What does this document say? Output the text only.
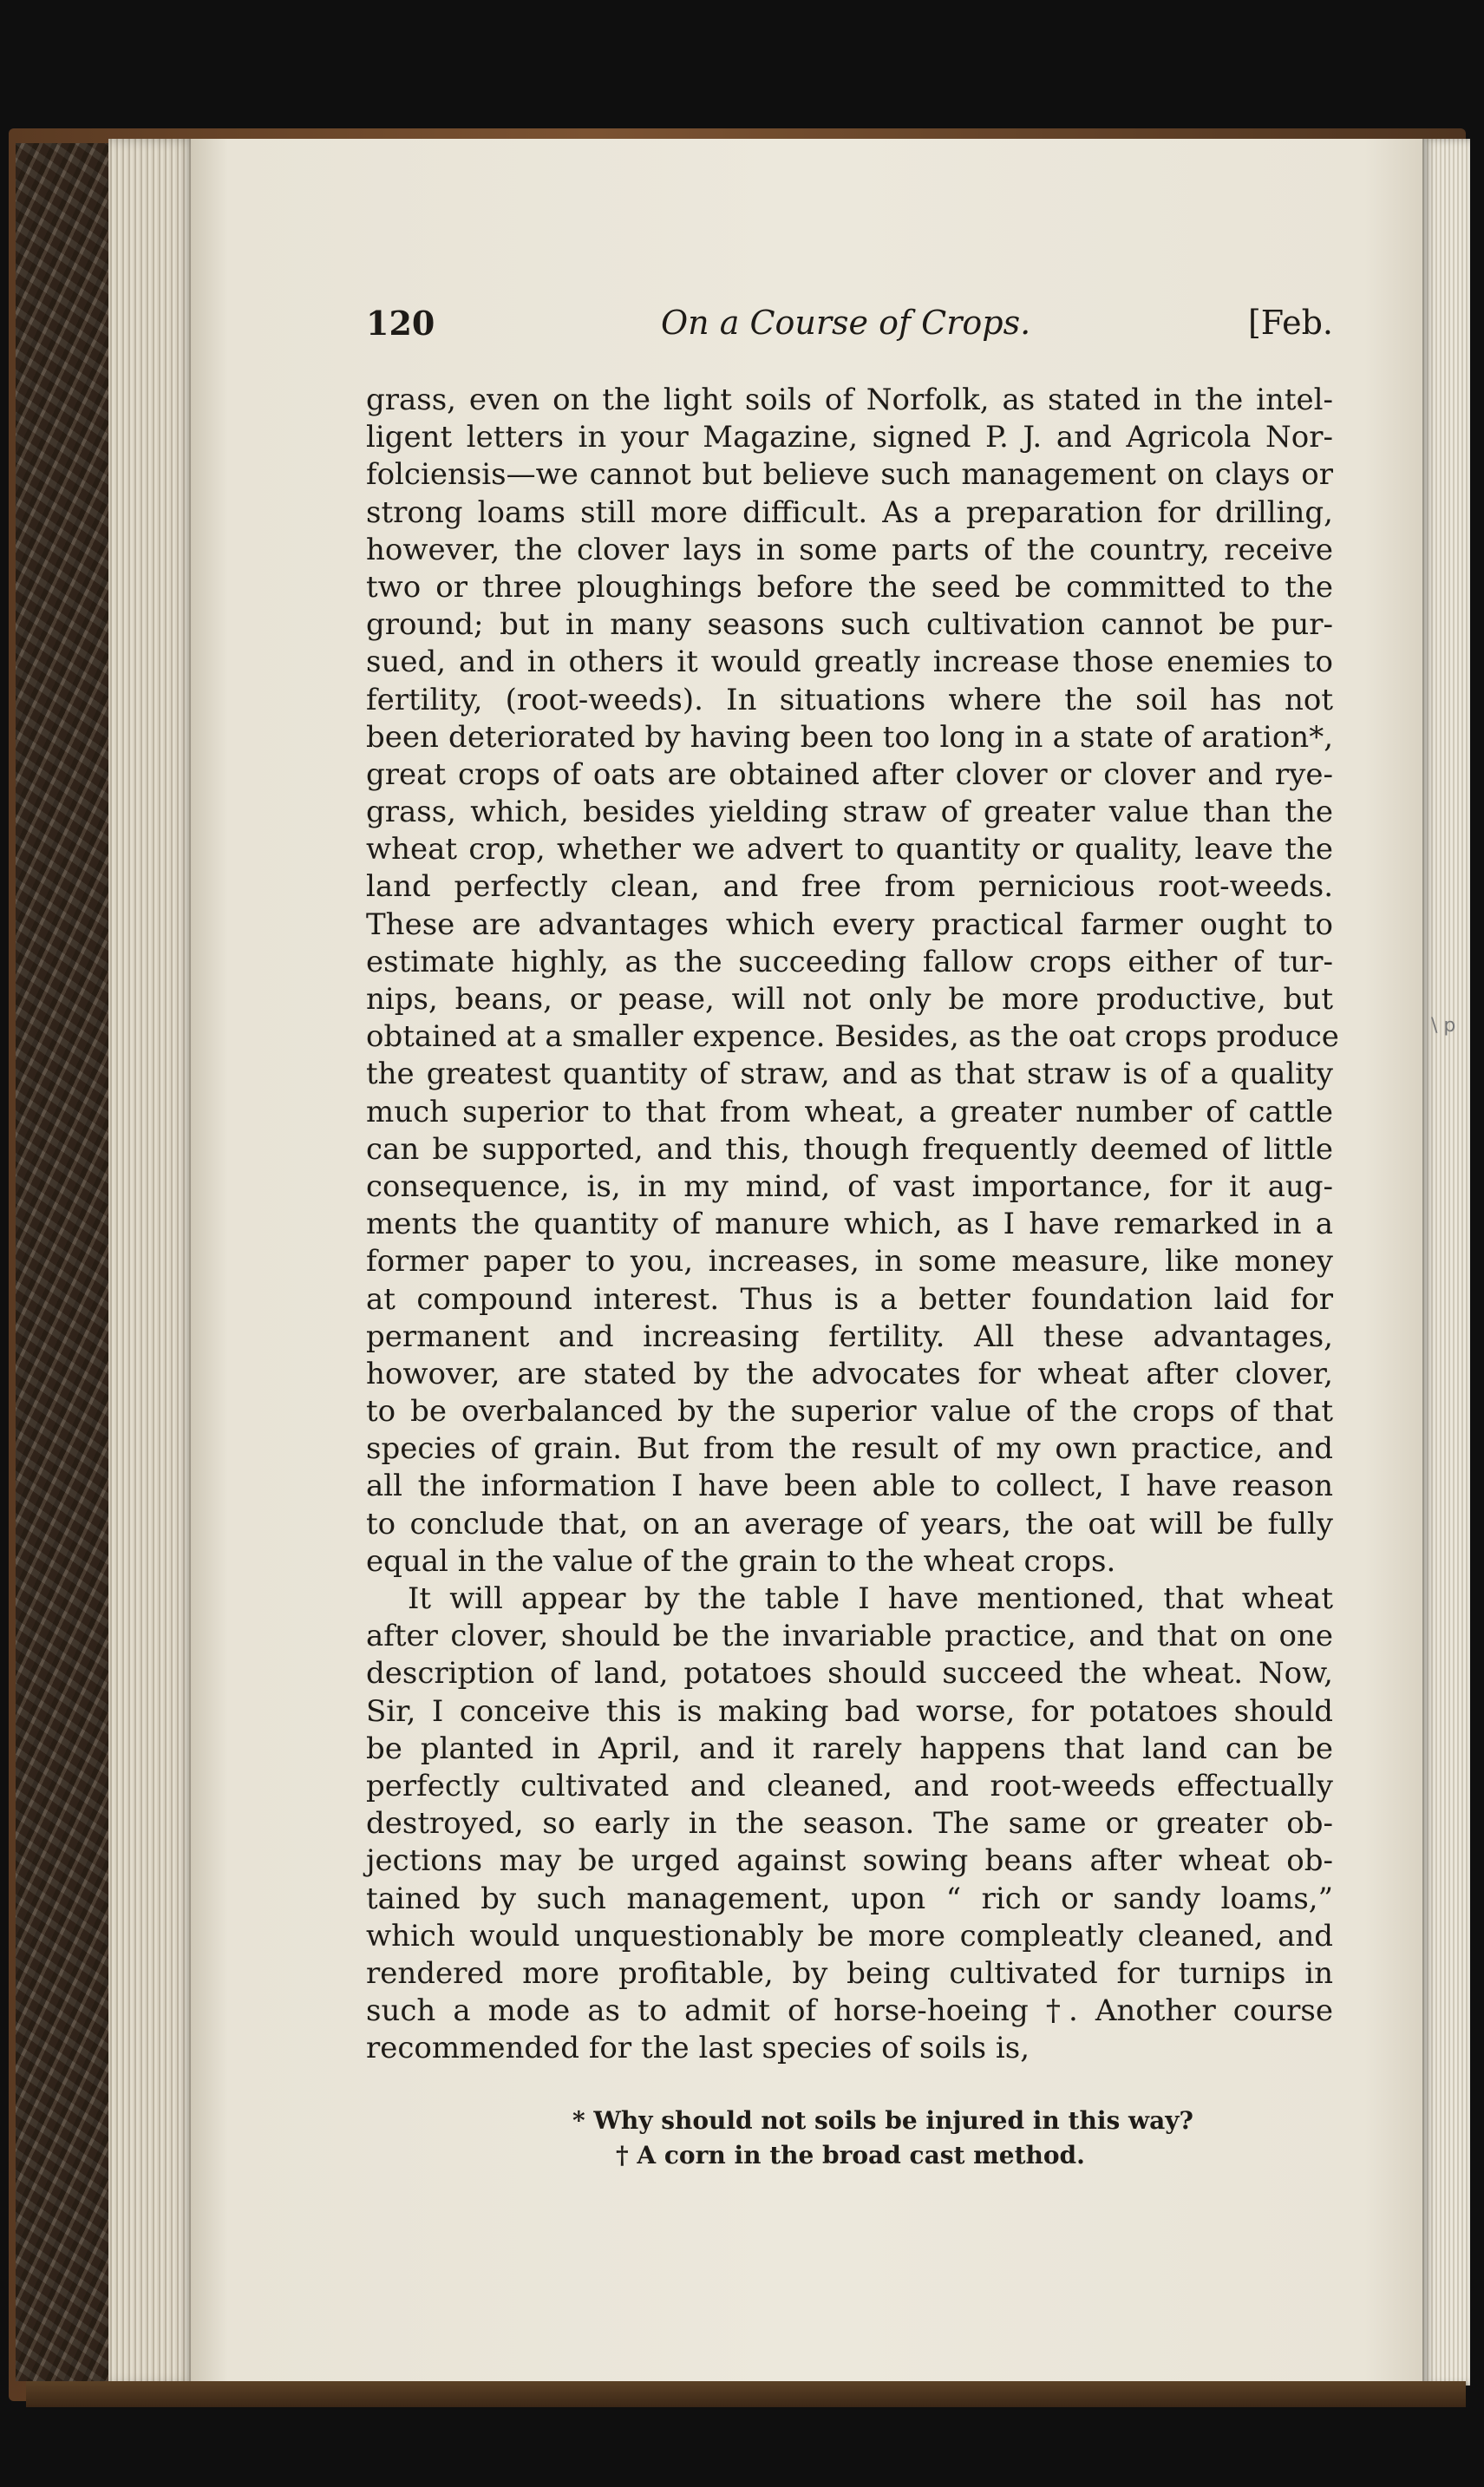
120	On a Course of Crops.	[Feb.
grass, even on the light soils of Norfolk, as stated in the intel-
ligent letters in your Magazine, signed P. J. and Agricola Nor-
folciensis—we cannot but believe such management on clays or
strong loams still more difficult. As a preparation for drilling,
however, the clover lays in some parts of the country, receive
two or three ploughings before the seed be committed to the
ground; but in many seasons such cultivation cannot be pur-
sued, and in others it would greatly increase those enemies to
fertility, (root-weeds). In situations where the soil has not
been deteriorated by having been too long in a state of aration*,
great crops of oats are obtained after clover or clover and rye-
grass, which, besides yielding straw of greater value than the
wheat crop, whether we advert to quantity or quality, leave the
land perfectly clean, and free from pernicious root-weeds.
These are advantages which every practical farmer ought to
estimate highly, as the succeeding fallow crops either of tur-
nips, beans, or pease, will not only be more productive, but
obtained at a smaller expence. Besides, as the oat crops produce
the greatest quantity of straw, and as that straw is of a quality
much superior to that from wheat, a greater number of cattle
can be supported, and this, though frequently deemed of little
consequence, is, in my mind, of vast importance, for it aug-
ments the quantity of manure which, as I have remarked in a
former paper to you, increases, in some measure, like money
at compound interest. Thus is a better foundation laid for
permanent and increasing fertility. All these advantages,
howover, are stated by the advocates for wheat after clover,
to be overbalanced by the superior value of the crops of that
species of grain. But from the result of my own practice, and
all the information I have been able to collect, I have reason
to conclude that, on an average of years, the oat will be fully
equal in the value of the grain to the wheat crops.
It will appear by the table I have mentioned, that wheat
after clover, should be the invariable practice, and that on one
description of land, potatoes should succeed the wheat. Now,
Sir, I conceive this is making bad worse, for potatoes should
be planted in April, and it rarely happens that land can be
perfectly cultivated and cleaned, and root-weeds effectually
destroyed, so early in the season. The same or greater ob-
jections may be urged against sowing beans after wheat ob-
tained by such management, upon “ rich or sandy loams,”
which would unquestionably be more compleatly cleaned, and
rendered more profitable, by being cultivated for turnips in
such a mode as to admit of horse-hoeing †. Another course
recommended for the last species of soils is,
* Why should not soils be injured in this way?
† A corn in the broad cast method.
\ p
